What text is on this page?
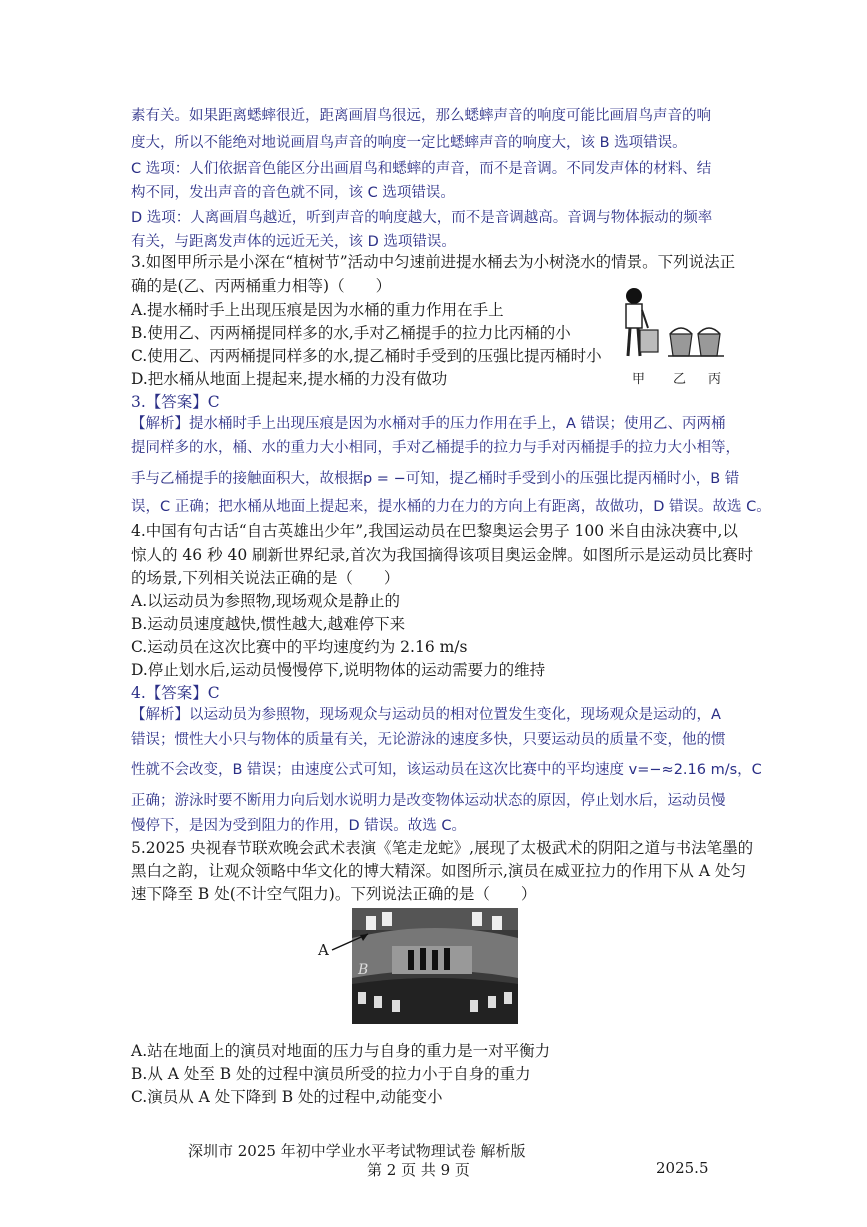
素有关。如果距离蟋蟀很近，距离画眉鸟很远，那么蟋蟀声音的响度可能比画眉鸟声音的响
度大，所以不能绝对地说画眉鸟声音的响度一定比蟋蟀声音的响度大，该 B 选项错误。
C 选项：人们依据音色能区分出画眉鸟和蟋蟀的声音，而不是音调。不同发声体的材料、结
构不同，发出声音的音色就不同，该 C 选项错误。
D 选项：人离画眉鸟越近，听到声音的响度越大，而不是音调越高。音调与物体振动的频率
有关，与距离发声体的远近无关，该 D 选项错误。
3.如图甲所示是小深在“植树节”活动中匀速前进提水桶去为小树浇水的情景。下列说法正
确的是(乙、丙两桶重力相等)（　　）
A.提水桶时手上出现压痕是因为水桶的重力作用在手上
B.使用乙、丙两桶提同样多的水,手对乙桶提手的拉力比丙桶的小
C.使用乙、丙两桶提同样多的水,提乙桶时手受到的压强比提丙桶时小
D.把水桶从地面上提起来,提水桶的力没有做功	甲 乙 丙
3.【答案】C
【解析】提水桶时手上出现压痕是因为水桶对手的压力作用在手上，A 错误；使用乙、丙两桶
提同样多的水，桶、水的重力大小相同，手对乙桶提手的拉力与手对丙桶提手的拉力大小相等，
手与乙桶提手的接触面积大，故根据p = −可知，提乙桶时手受到小的压强比提丙桶时小，B 错
误，C 正确；把水桶从地面上提起来，提水桶的力在力的方向上有距离，故做功，D 错误。故选 C。
4.中国有句古话“自古英雄出少年”,我国运动员在巴黎奥运会男子 100 米自由泳决赛中,以
惊人的 46 秒 40 刷新世界纪录,首次为我国摘得该项目奥运金牌。如图所示是运动员比赛时
的场景,下列相关说法正确的是（　　）
A.以运动员为参照物,现场观众是静止的
B.运动员速度越快,惯性越大,越难停下来
C.运动员在这次比赛中的平均速度约为 2.16 m/s
D.停止划水后,运动员慢慢停下,说明物体的运动需要力的维持
4.【答案】C
【解析】以运动员为参照物，现场观众与运动员的相对位置发生变化，现场观众是运动的，A
错误；惯性大小只与物体的质量有关，无论游泳的速度多快，只要运动员的质量不变，他的惯
性就不会改变，B 错误；由速度公式可知，该运动员在这次比赛中的平均速度 v=−≈2.16 m/s，C
正确；游泳时要不断用力向后划水说明力是改变物体运动状态的原因，停止划水后，运动员慢
慢停下，是因为受到阻力的作用，D 错误。故选 C。
5.2025 央视春节联欢晚会武术表演《笔走龙蛇》,展现了太极武术的阴阳之道与书法笔墨的
黑白之韵，让观众领略中华文化的博大精深。如图所示,演员在威亚拉力的作用下从 A 处匀
速下降至 B 处(不计空气阻力)。下列说法正确的是（　　）
A
B
A.站在地面上的演员对地面的压力与自身的重力是一对平衡力
B.从 A 处至 B 处的过程中演员所受的拉力小于自身的重力
C.演员从 A 处下降到 B 处的过程中,动能变小
深圳市 2025 年初中学业水平考试物理试卷 解析版
第 2 页 共 9 页	2025.5
